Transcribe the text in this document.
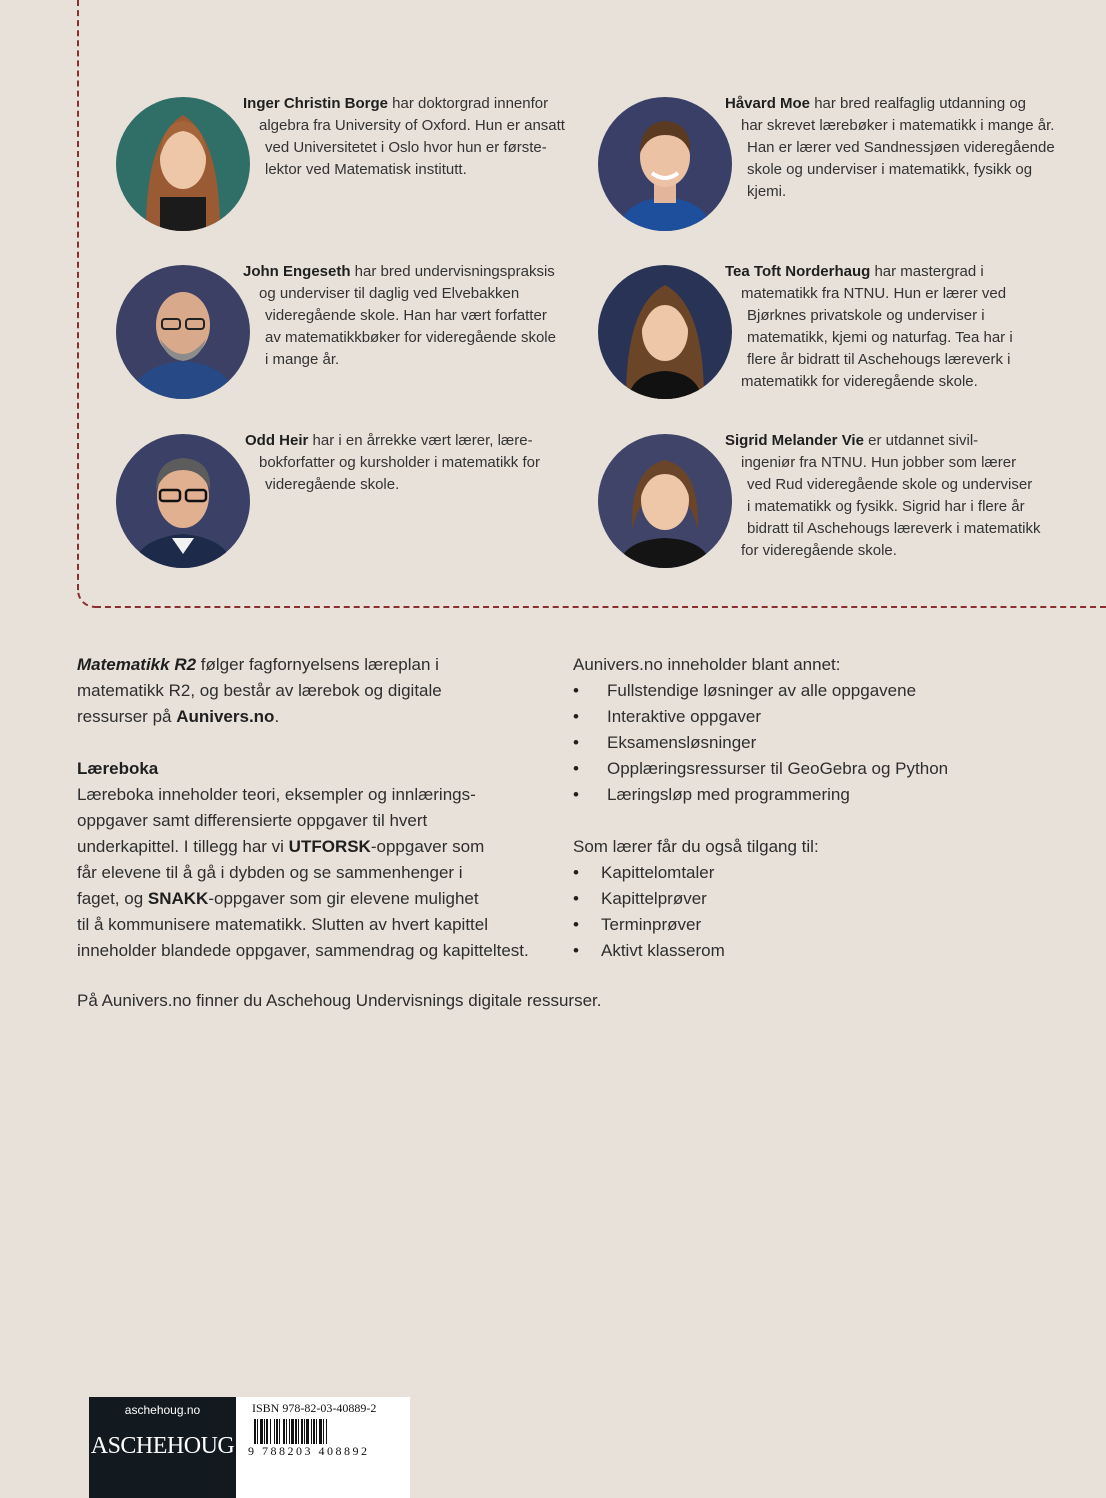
Inger Christin Borge har doktorgrad innenfor
algebra fra University of Oxford. Hun er ansatt
ved Universitetet i Oslo hvor hun er første-
lektor ved Matematisk institutt.
Håvard Moe har bred realfaglig utdanning og
har skrevet lærebøker i matematikk i mange år.
Han er lærer ved Sandnessjøen videregående
skole og underviser i matematikk, fysikk og
kjemi.
John Engeseth har bred undervisningspraksis
og underviser til daglig ved Elvebakken
videregående skole. Han har vært forfatter
av matematikkbøker for videregående skole
i mange år.
Tea Toft Norderhaug har mastergrad i
matematikk fra NTNU. Hun er lærer ved
Bjørknes privatskole og underviser i
matematikk, kjemi og naturfag. Tea har i
flere år bidratt til Aschehougs læreverk i
matematikk for videregående skole.
Odd Heir har i en årrekke vært lærer, lære-
bokforfatter og kursholder i matematikk for
videregående skole.
Sigrid Melander Vie er utdannet sivil-
ingeniør fra NTNU. Hun jobber som lærer
ved Rud videregående skole og underviser
i matematikk og fysikk. Sigrid har i flere år
bidratt til Aschehougs læreverk i matematikk
for videregående skole.
Matematikk R2 følger fagfornyelsens læreplan i
matematikk R2, og består av lærebok og digitale
ressurser på Aunivers.no.
Læreboka
Læreboka inneholder teori, eksempler og innlærings-
oppgaver samt differensierte oppgaver til hvert
underkapittel. I tillegg har vi UTFORSK-oppgaver som
får elevene til å gå i dybden og se sammenhenger i
faget, og SNAKK-oppgaver som gir elevene mulighet
til å kommunisere matematikk. Slutten av hvert kapittel
inneholder blandede oppgaver, sammendrag og kapitteltest.
Aunivers.no inneholder blant annet:
• Fullstendige løsninger av alle oppgavene
• Interaktive oppgaver
• Eksamensløsninger
• Opplæringsressurser til GeoGebra og Python
• Læringsløp med programmering
Som lærer får du også tilgang til:
• Kapittelomtaler
• Kapittelprøver
• Terminprøver
• Aktivt klasserom
På Aunivers.no finner du Aschehoug Undervisnings digitale ressurser.
aschehoug.no
ASCHEHOUG
ISBN 978-82-03-40889-2
9 788203 408892
